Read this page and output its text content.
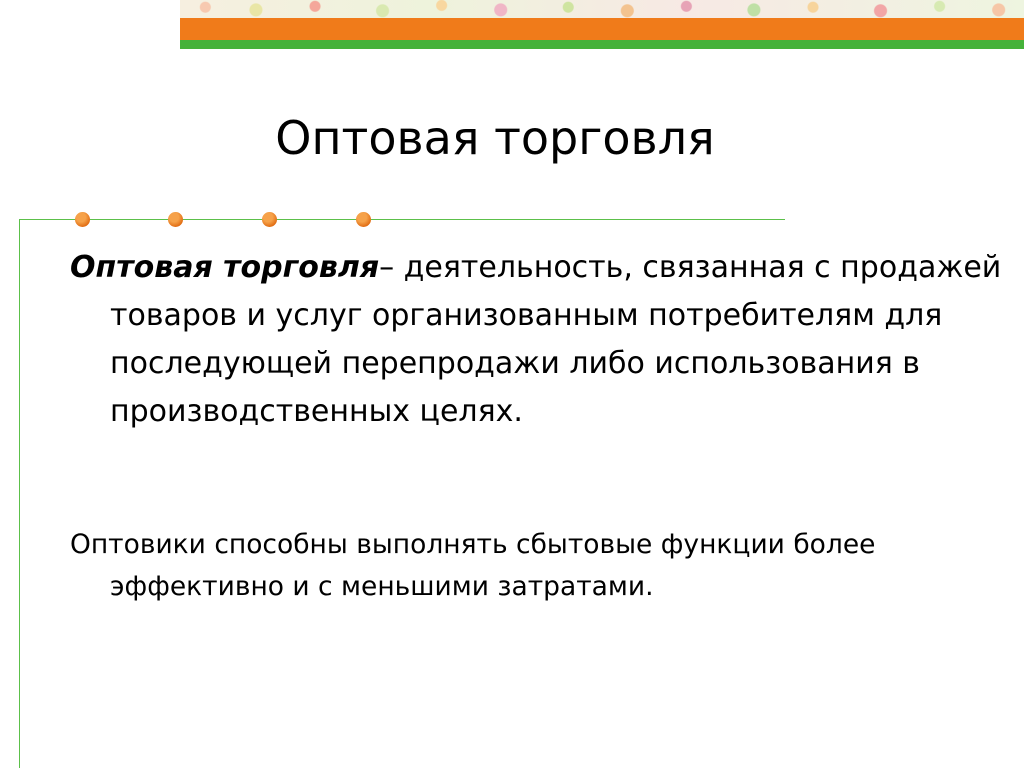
Оптовая торговля

Оптовая торговля– деятельность, связанная с продажей товаров и услуг организованным потребителям для последующей перепродажи либо использования в производственных целях.

Оптовики способны выполнять сбытовые функции более эффективно и с меньшими затратами.
